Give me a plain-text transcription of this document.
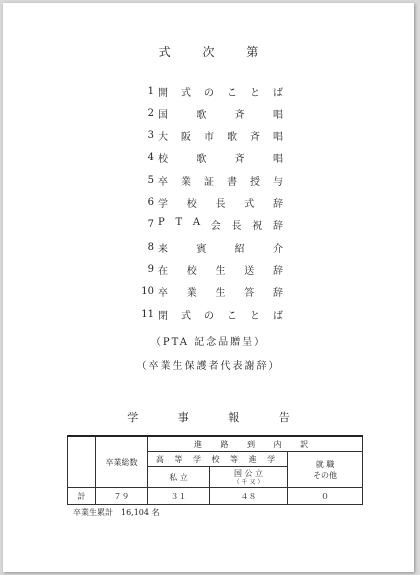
式 次 第
1 開 式 の こ と ば
2 国	歌	斉	唱
3 大 阪 市 歌 斉 唱
4 校	歌	斉	唱
5 卒 業 証 書 授 与
6 学 校 長 式 辞
7 P T A 会 長 祝 辞
8 来	賓	紹	介
9 在 校 生 送 辞
10 卒 業 生 答 辞
11 閉 式 の こ と ば
（PTA 記念品贈呈）
（卒業生保護者代表謝辞）
学 事 報 告
	卒業総数	進 路 到 内 訳		
		高 等 学 校 等 進 学		就 職
その他
		私 立	国 公 立
（ 千 又 ）	

計	７９	３１	４８	０
卒業生累計　16,104 名
